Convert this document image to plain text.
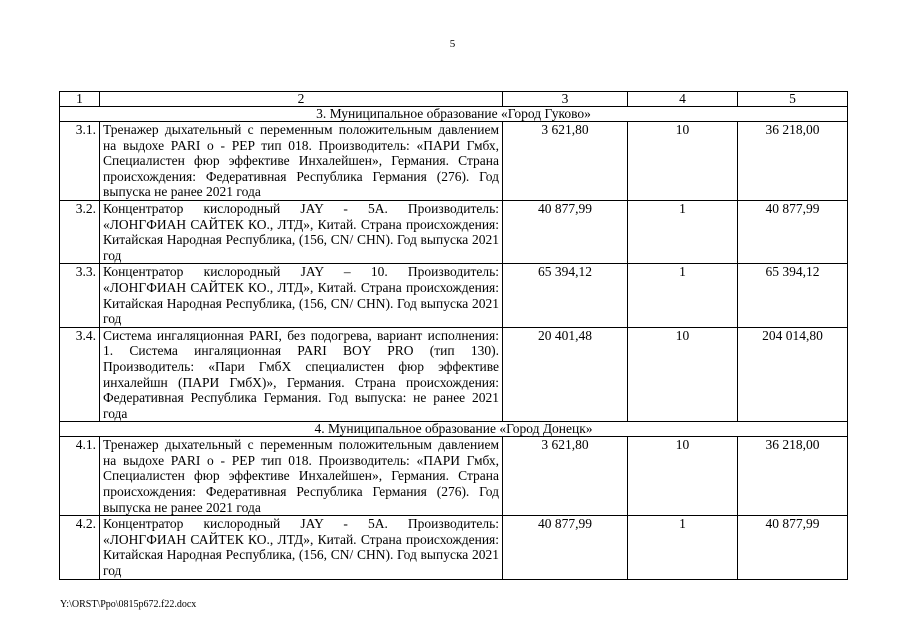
5
1	2	3	4	5
3. Муниципальное образование «Город Гуково»				
3.1.	Тренажер дыхательный с переменным положительным давлением на выдохе PARI o - PEP тип 018. Производитель: «ПАРИ Гмбх, Специалистен фюр эффективе Инхалейшен», Германия. Страна происхождения: Федеративная Республика Германия (276). Год выпуска не ранее 2021 года	3 621,80	10	36 218,00
3.2.	Концентратор кислородный JAY - 5A. Производитель: «ЛОНГФИАН САЙТЕК КО., ЛТД», Китай. Страна происхождения: Китайская Народная Республика, (156, CN/ CHN). Год выпуска 2021 год	40 877,99	1	40 877,99
3.3.	Концентратор кислородный JAY – 10. Производитель: «ЛОНГФИАН САЙТЕК КО., ЛТД», Китай. Страна происхождения: Китайская Народная Республика, (156, CN/ CHN). Год выпуска 2021 год	65 394,12	1	65 394,12
3.4.	Система ингаляционная PARI, без подогрева, вариант исполнения: 1. Система ингаляционная PARI BOY PRO (тип 130). Производитель: «Пари ГмбХ специалистен фюр эффективе инхалейшн (ПАРИ ГмбХ)», Германия. Страна происхождения: Федеративная Республика Германия. Год выпуска: не ранее 2021 года	20 401,48	10	204 014,80
4. Муниципальное образование «Город Донецк»				
4.1.	Тренажер дыхательный с переменным положительным давлением на выдохе PARI o - PEP тип 018. Производитель: «ПАРИ Гмбх, Специалистен фюр эффективе Инхалейшен», Германия. Страна происхождения: Федеративная Республика Германия (276). Год выпуска не ранее 2021 года	3 621,80	10	36 218,00
4.2.	Концентратор кислородный JAY - 5A. Производитель: «ЛОНГФИАН САЙТЕК КО., ЛТД», Китай. Страна происхождения: Китайская Народная Республика, (156, CN/ CHN). Год выпуска 2021 год	40 877,99	1	40 877,99
Y:\ORST\Ppo\0815p672.f22.docx
